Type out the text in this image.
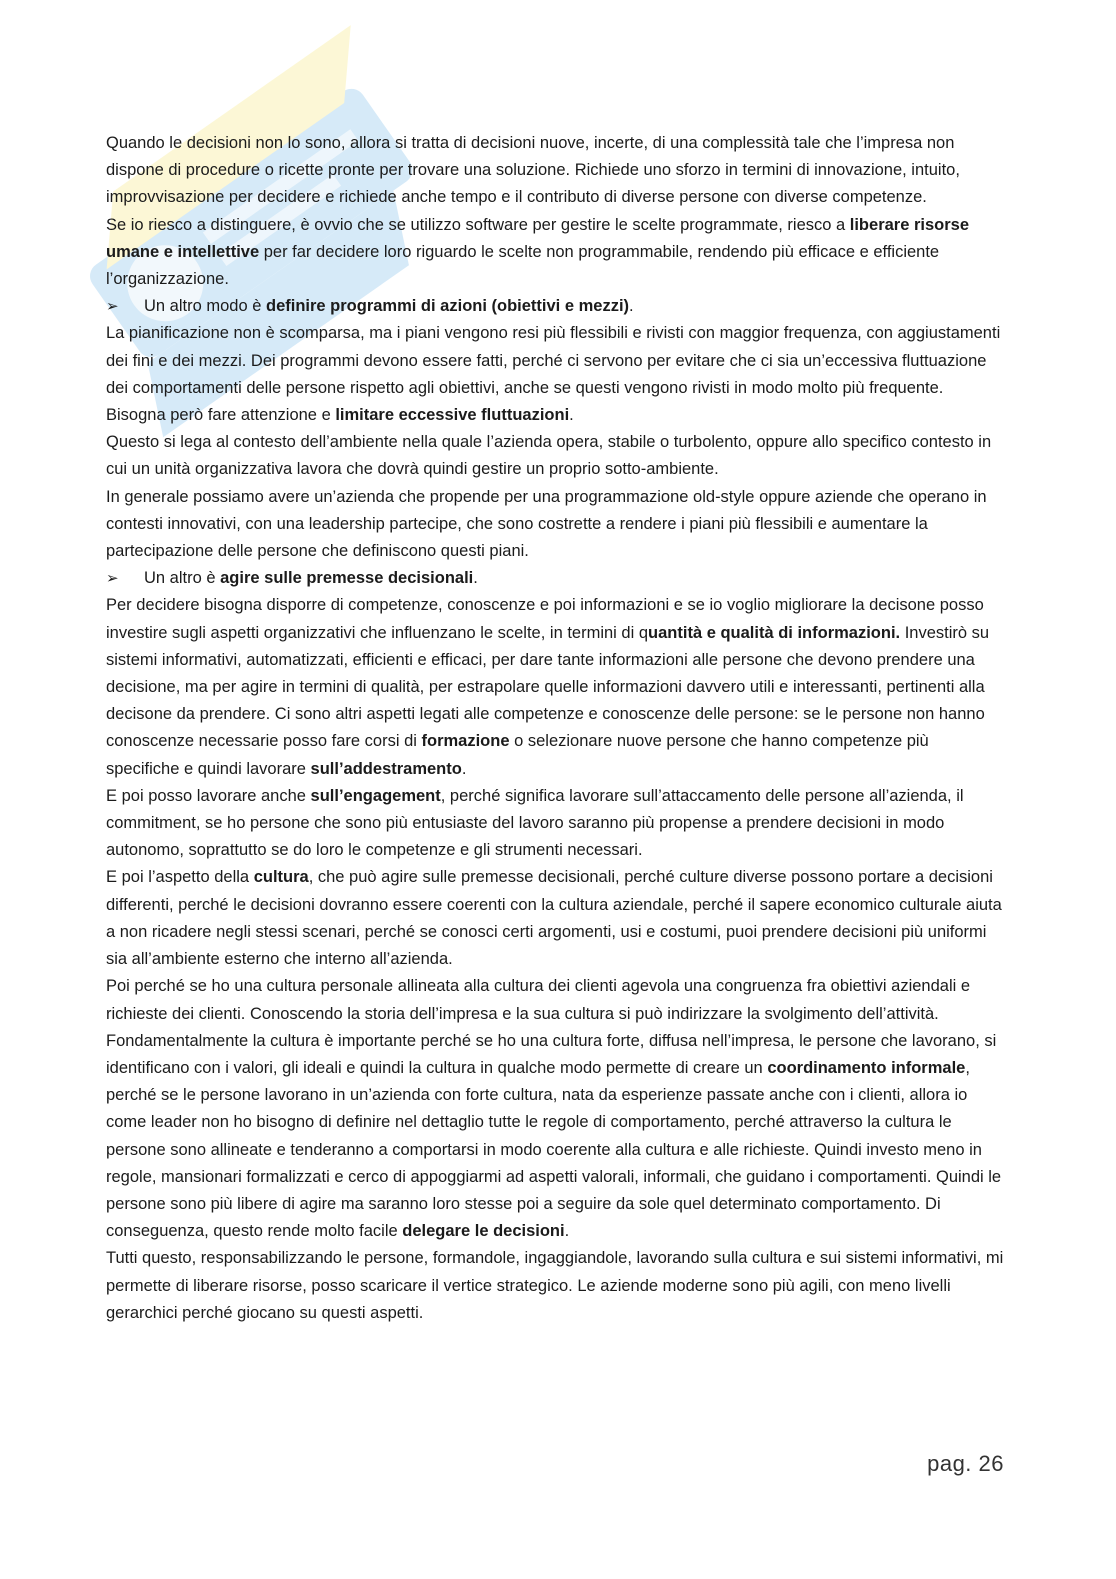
Quando le decisioni non lo sono, allora si tratta di decisioni nuove, incerte, di una complessità tale che l’impresa non dispone di procedure o ricette pronte per trovare una soluzione. Richiede uno sforzo in termini di innovazione, intuito, improvvisazione per decidere e richiede anche tempo e il contributo di diverse persone con diverse competenze.

Se io riesco a distinguere, è ovvio che se utilizzo software per gestire le scelte programmate, riesco a liberare risorse umane e intellettive per far decidere loro riguardo le scelte non programmabile, rendendo più efficace e efficiente l’organizzazione.

➢
Un altro modo è definire programmi di azioni (obiettivi e mezzi).

La pianificazione non è scomparsa, ma i piani vengono resi più flessibili e rivisti con maggior frequenza, con aggiustamenti dei fini e dei mezzi. Dei programmi devono essere fatti, perché ci servono per evitare che ci sia un’eccessiva fluttuazione dei comportamenti delle persone rispetto agli obiettivi, anche se questi vengono rivisti in modo molto più frequente. Bisogna però fare attenzione e limitare eccessive fluttuazioni.

Questo si lega al contesto dell’ambiente nella quale l’azienda opera, stabile o turbolento, oppure allo specifico contesto in cui un unità organizzativa lavora che dovrà quindi gestire un proprio sotto-ambiente.

In generale possiamo avere un’azienda che propende per una programmazione old-style oppure aziende che operano in contesti innovativi, con una leadership partecipe, che sono costrette a rendere i piani più flessibili e aumentare la partecipazione delle persone che definiscono questi piani.

➢
Un altro è agire sulle premesse decisionali.

Per decidere bisogna disporre di competenze, conoscenze e poi informazioni e se io voglio migliorare la decisone posso investire sugli aspetti organizzativi che influenzano le scelte, in termini di quantità e qualità di informazioni. Investirò su sistemi informativi, automatizzati, efficienti e efficaci, per dare tante informazioni alle persone che devono prendere una decisione, ma per agire in termini di qualità, per estrapolare quelle informazioni davvero utili e interessanti, pertinenti alla decisone da prendere. Ci sono altri aspetti legati alle competenze e conoscenze delle persone: se le persone non hanno conoscenze necessarie posso fare corsi di formazione o selezionare nuove persone che hanno competenze più specifiche e quindi lavorare sull’addestramento.

E poi posso lavorare anche sull’engagement, perché significa lavorare sull’attaccamento delle persone all’azienda, il commitment, se ho persone che sono più entusiaste del lavoro saranno più propense a prendere decisioni in modo autonomo, soprattutto se do loro le competenze e gli strumenti necessari.

E poi l’aspetto della cultura, che può agire sulle premesse decisionali, perché culture diverse possono portare a decisioni differenti, perché le decisioni dovranno essere coerenti con la cultura aziendale, perché il sapere economico culturale aiuta a non ricadere negli stessi scenari, perché se conosci certi argomenti, usi e costumi, puoi prendere decisioni più uniformi sia all’ambiente esterno che interno all’azienda.

Poi perché se ho una cultura personale allineata alla cultura dei clienti agevola una congruenza fra obiettivi aziendali e richieste dei clienti. Conoscendo la storia dell’impresa e la sua cultura si può indirizzare la svolgimento dell’attività.

Fondamentalmente la cultura è importante perché se ho una cultura forte, diffusa nell’impresa, le persone che lavorano, si identificano con i valori, gli ideali e quindi la cultura in qualche modo permette di creare un coordinamento informale, perché se le persone lavorano in un’azienda con forte cultura, nata da esperienze passate anche con i clienti, allora io come leader non ho bisogno di definire nel dettaglio tutte le regole di comportamento, perché attraverso la cultura le persone sono allineate e tenderanno a comportarsi in modo coerente alla cultura e alle richieste. Quindi investo meno in regole, mansionari formalizzati e cerco di appoggiarmi ad aspetti valorali, informali, che guidano i comportamenti. Quindi le persone sono più libere di agire ma saranno loro stesse poi a seguire da sole quel determinato comportamento. Di conseguenza, questo rende molto facile delegare le decisioni.

Tutti questo, responsabilizzando le persone, formandole, ingaggiandole, lavorando sulla cultura e sui sistemi informativi, mi permette di liberare risorse, posso scaricare il vertice strategico. Le aziende moderne sono più agili, con meno livelli gerarchici perché giocano su questi aspetti.

pag. 26
